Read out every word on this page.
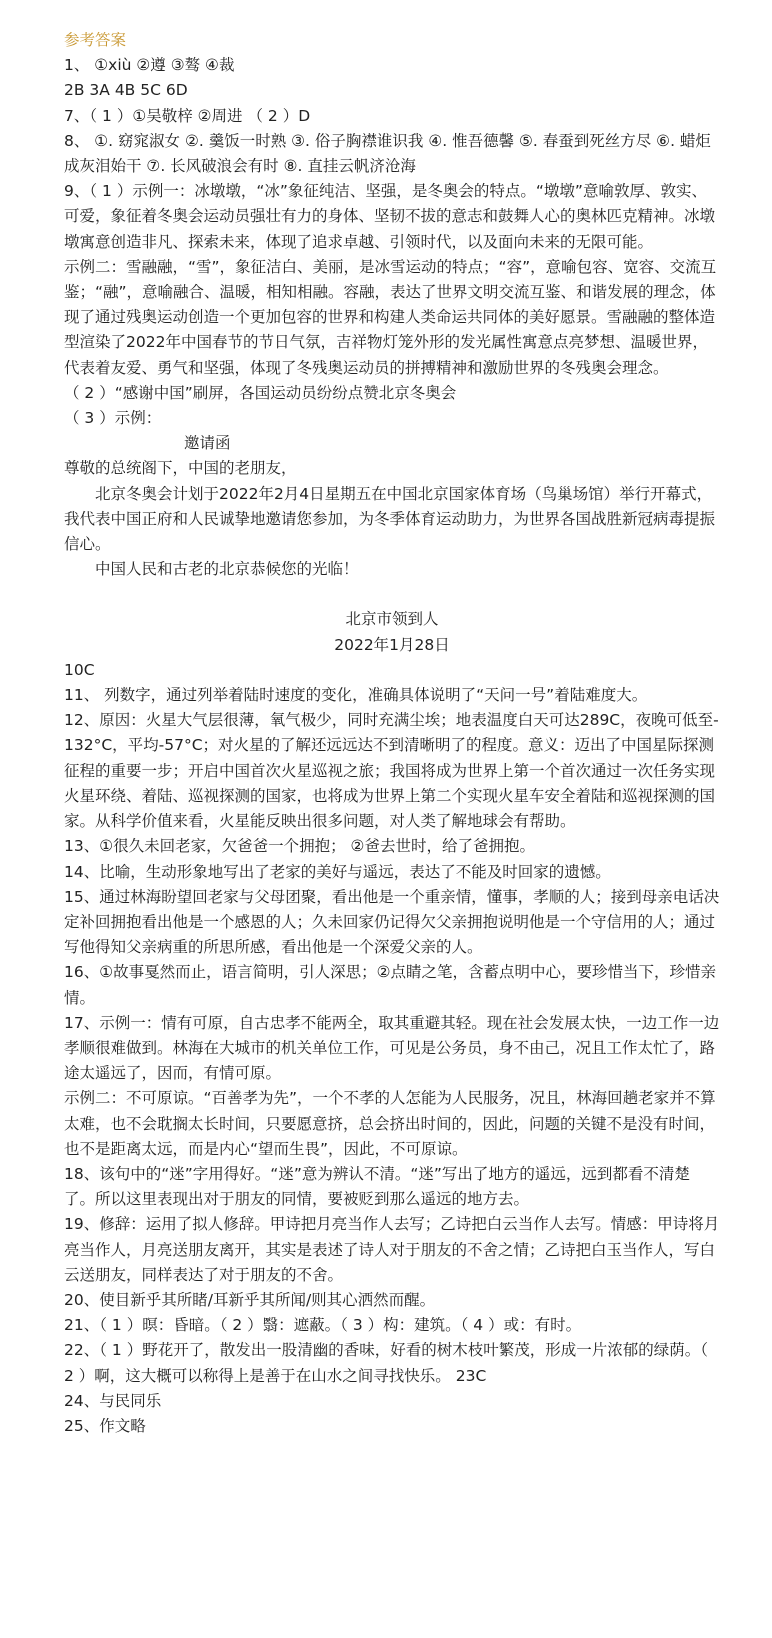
参考答案
1、 ①xiù ②遵 ③骜 ④裁
2B 3A 4B 5C 6D
7、（ 1 ）①吴敬梓 ②周进 （ 2 ）D
8、 ①. 窈窕淑女 ②. 羹饭一时熟 ③. 俗子胸襟谁识我 ④. 惟吾德馨 ⑤. 春蚕到死丝方尽 ⑥. 蜡炬成灰泪始干 ⑦. 长风破浪会有时 ⑧. 直挂云帆济沧海
9、（ 1 ）示例一：冰墩墩，“冰”象征纯洁、坚强，是冬奥会的特点。“墩墩”意喻敦厚、敦实、可爱，象征着冬奥会运动员强壮有力的身体、坚韧不拔的意志和鼓舞人心的奥林匹克精神。冰墩墩寓意创造非凡、探索未来，体现了追求卓越、引领时代，以及面向未来的无限可能。
示例二：雪融融，“雪”，象征洁白、美丽，是冰雪运动的特点；“容”，意喻包容、宽容、交流互鉴；“融”，意喻融合、温暖，相知相融。容融，表达了世界文明交流互鉴、和谐发展的理念，体现了通过残奥运动创造一个更加包容的世界和构建人类命运共同体的美好愿景。雪融融的整体造型渲染了2022年中国春节的节日气氛，吉祥物灯笼外形的发光属性寓意点亮梦想、温暖世界，代表着友爱、勇气和坚强，体现了冬残奥运动员的拼搏精神和激励世界的冬残奥会理念。
（ 2 ）“感谢中国”刷屏，各国运动员纷纷点赞北京冬奥会
（ 3 ）示例：
邀请函
尊敬的总统阁下，中国的老朋友，
北京冬奥会计划于2022年2月4日星期五在中国北京国家体育场（鸟巢场馆）举行开幕式，我代表中国正府和人民诚挚地邀请您参加，为冬季体育运动助力，为世界各国战胜新冠病毒提振信心。
中国人民和古老的北京恭候您的光临！
北京市领到人
2022年1月28日
10C
11、 列数字，通过列举着陆时速度的变化，准确具体说明了“天问一号”着陆难度大。
12、原因：火星大气层很薄，氧气极少，同时充满尘埃；地表温度白天可达289C，夜晚可低至-132°C，平均-57°C；对火星的了解还远远达不到清晰明了的程度。意义：迈出了中国星际探测征程的重要一步；开启中国首次火星巡视之旅；我国将成为世界上第一个首次通过一次任务实现火星环绕、着陆、巡视探测的国家，也将成为世界上第二个实现火星车安全着陆和巡视探测的国家。从科学价值来看，火星能反映出很多问题，对人类了解地球会有帮助。
13、①很久未回老家，欠爸爸一个拥抱； ②爸去世时，给了爸拥抱。
14、比喻，生动形象地写出了老家的美好与遥远，表达了不能及时回家的遗憾。
15、通过林海盼望回老家与父母团聚，看出他是一个重亲情，懂事，孝顺的人；接到母亲电话决定补回拥抱看出他是一个感恩的人；久未回家仍记得欠父亲拥抱说明他是一个守信用的人；通过写他得知父亲病重的所思所感，看出他是一个深爱父亲的人。
16、①故事戛然而止，语言简明，引人深思；②点睛之笔，含蓄点明中心，要珍惜当下，珍惜亲情。
17、示例一：情有可原，自古忠孝不能两全，取其重避其轻。现在社会发展太快，一边工作一边孝顺很难做到。林海在大城市的机关单位工作，可见是公务员，身不由己，况且工作太忙了，路途太遥远了，因而，有情可原。
示例二：不可原谅。“百善孝为先”，一个不孝的人怎能为人民服务，况且，林海回趟老家并不算太难，也不会耽搁太长时间，只要愿意挤，总会挤出时间的，因此，问题的关键不是没有时间，也不是距离太远，而是内心“望而生畏”，因此，不可原谅。
18、该句中的“迷”字用得好。“迷”意为辨认不清。“迷”写出了地方的遥远，远到都看不清楚了。所以这里表现出对于朋友的同情，要被贬到那么遥远的地方去。
19、修辞：运用了拟人修辞。甲诗把月亮当作人去写；乙诗把白云当作人去写。情感：甲诗将月亮当作人，月亮送朋友离开，其实是表述了诗人对于朋友的不舍之情；乙诗把白玉当作人，写白云送朋友，同样表达了对于朋友的不舍。
20、使目新乎其所睹/耳新乎其所闻/则其心洒然而醒。
21、（ 1 ）暝：昏暗。（ 2 ）翳：遮蔽。（ 3 ）构：建筑。（ 4 ）或：有时。
22、（ 1 ）野花开了，散发出一股清幽的香味，好看的树木枝叶繁茂，形成一片浓郁的绿荫。（ 2 ）啊，这大概可以称得上是善于在山水之间寻找快乐。 23C
24、与民同乐
25、作文略
